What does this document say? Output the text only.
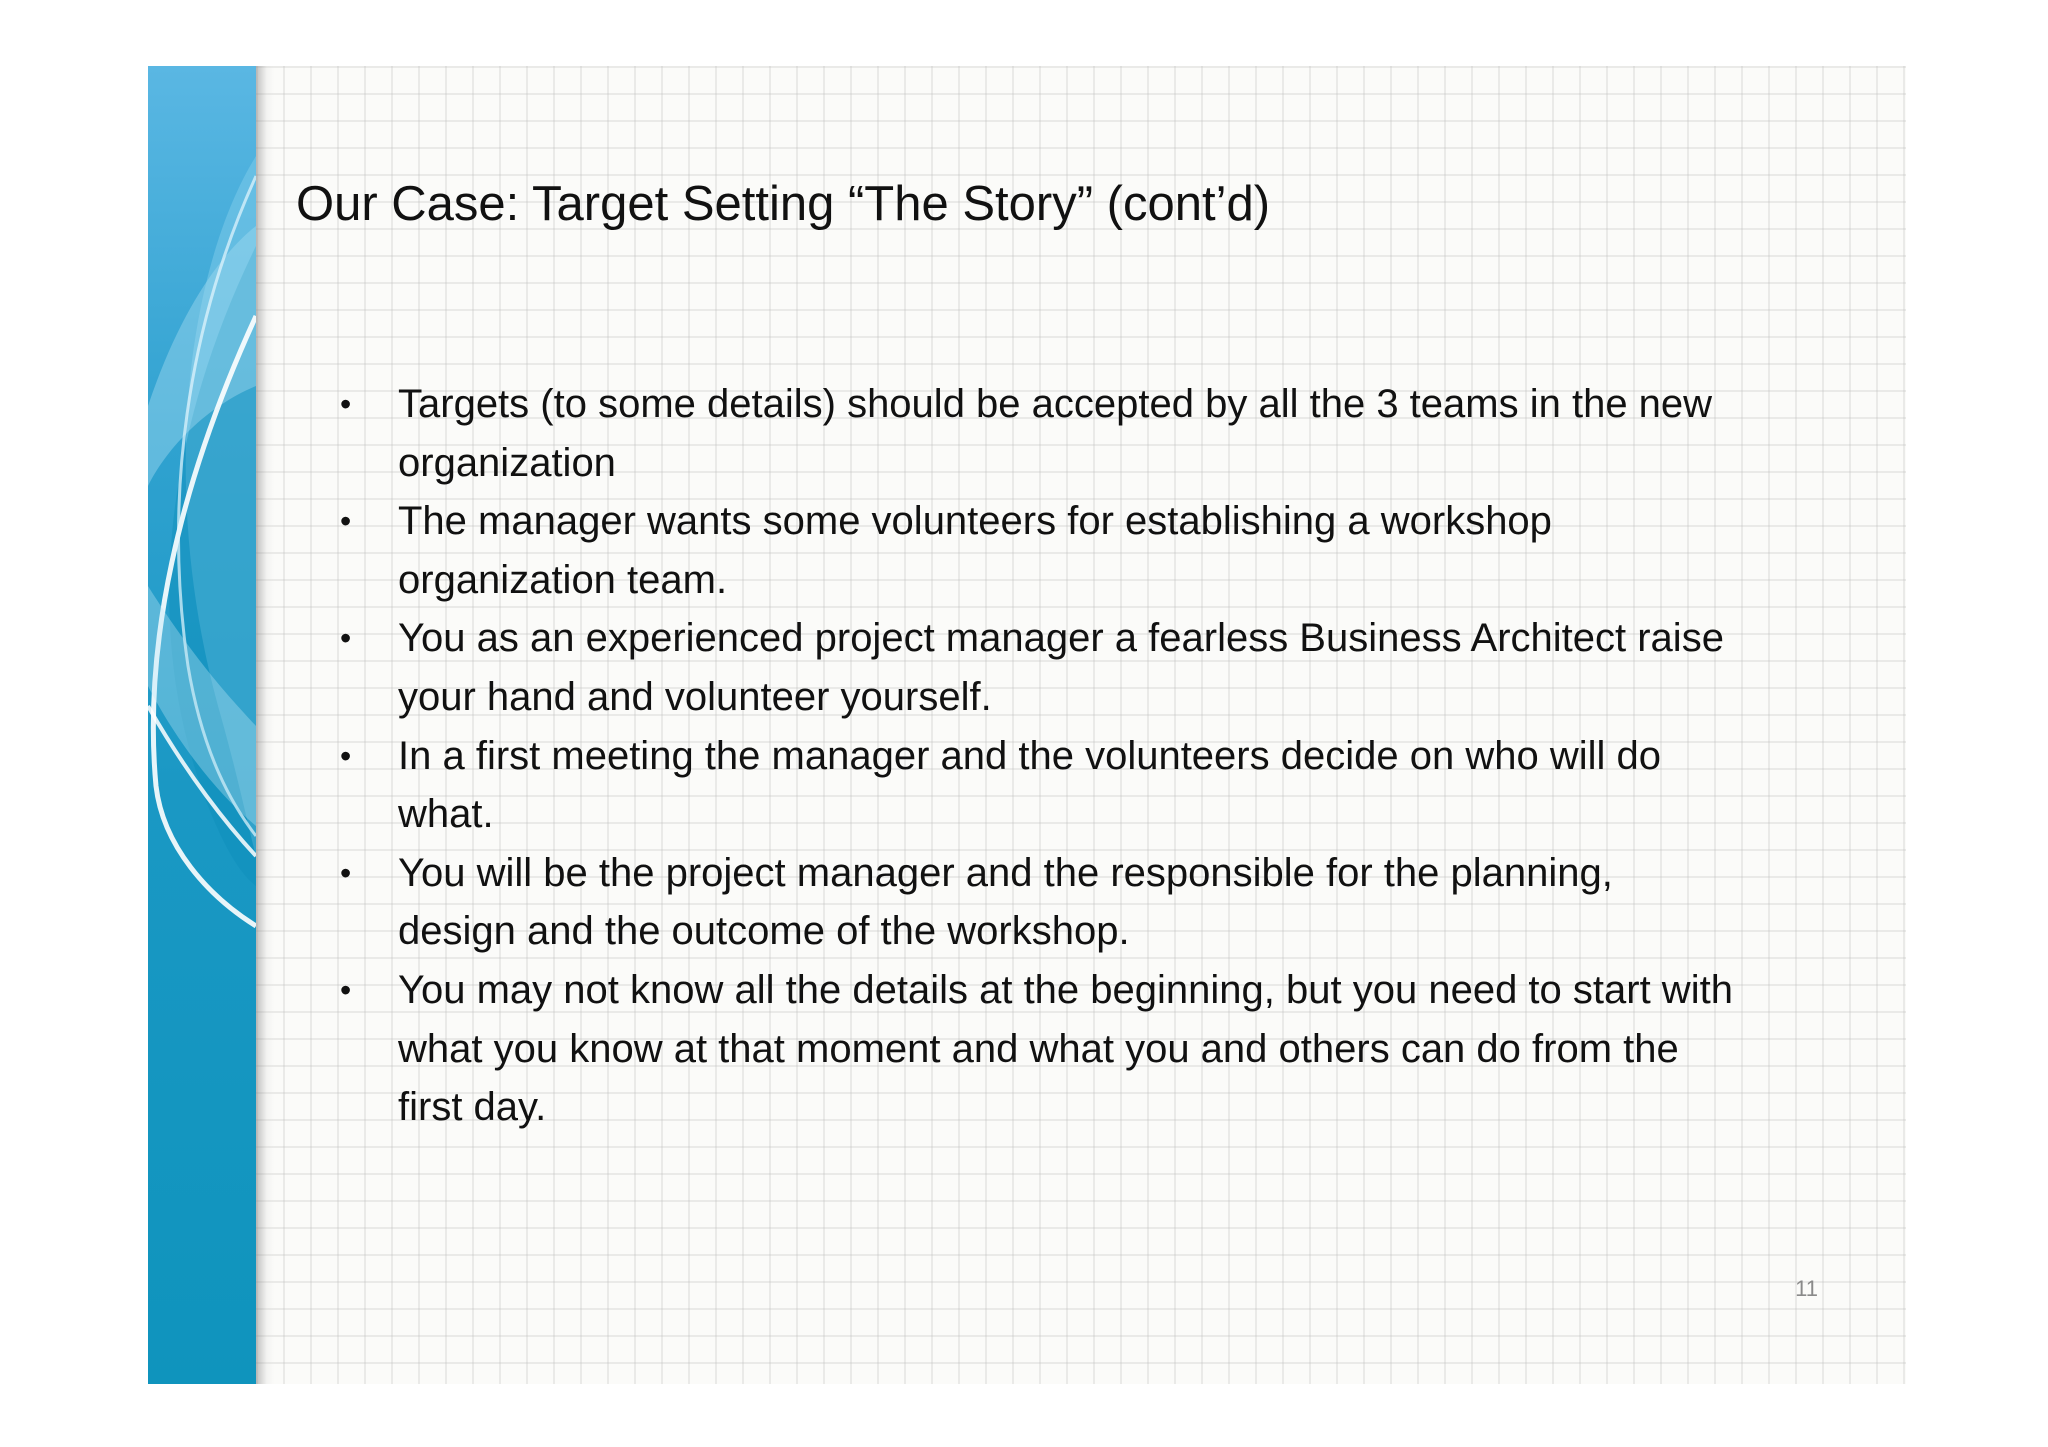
Our Case: Target Setting “The Story” (cont’d)
• Targets (to some details) should be accepted by all the 3 teams in the new organization
• The manager wants some volunteers for establishing a workshop organization team.
• You as an experienced project manager a fearless Business Architect raise your hand and volunteer yourself.
• In a first meeting the manager and the volunteers decide on who will do what.
• You will be the project manager and the responsible for the planning, design and the outcome of the workshop.
• You may not know all the details at the beginning, but you need to start with what you know at that moment and what you and others can do from the first day.
11
